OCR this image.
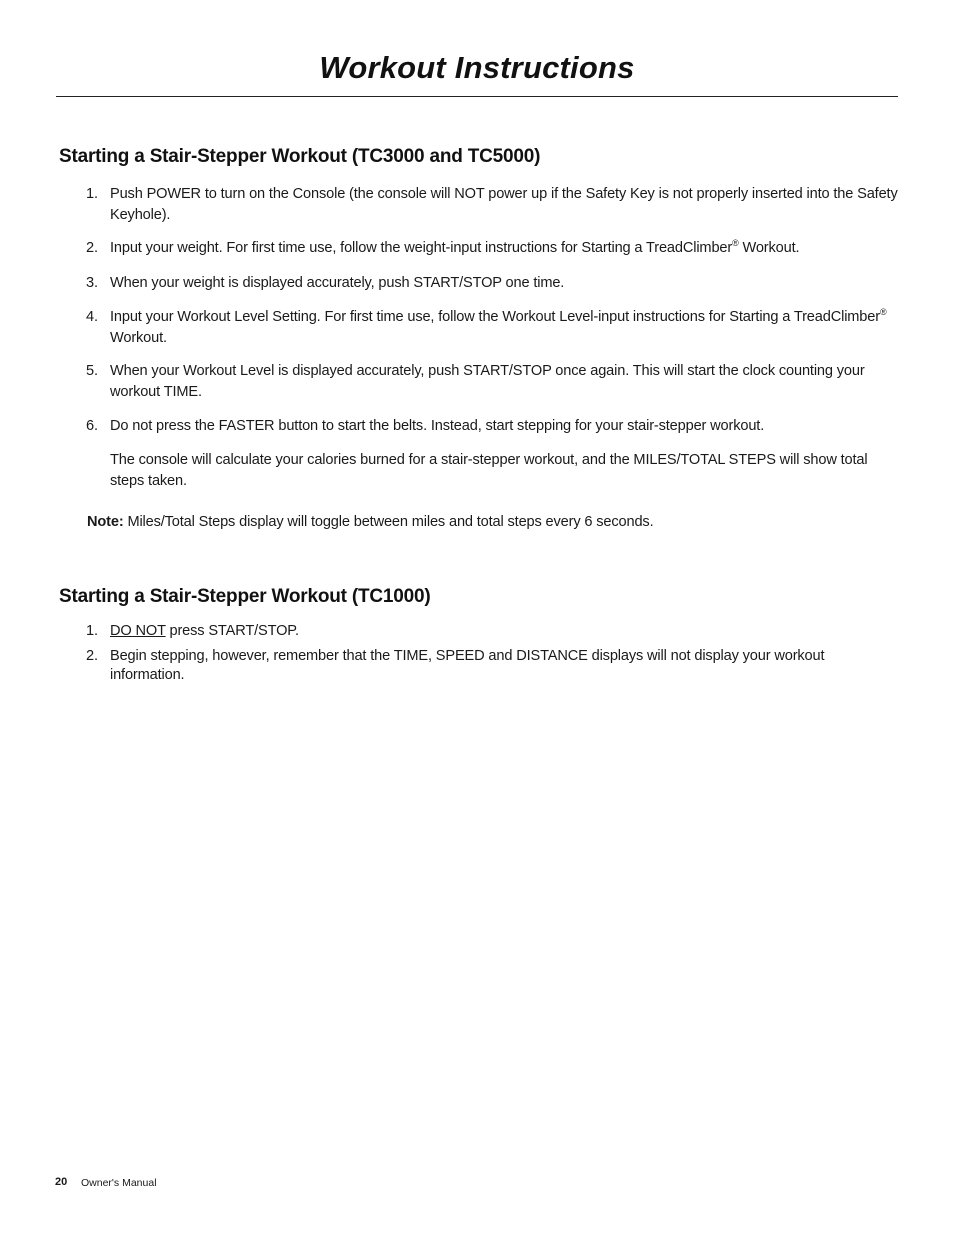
Workout Instructions
Starting a Stair-Stepper Workout (TC3000 and TC5000)
1. Push POWER to turn on the Console (the console will NOT power up if the Safety Key is not properly inserted into the Safety Keyhole).
2. Input your weight. For first time use, follow the weight-input instructions for Starting a TreadClimber® Workout.
3. When your weight is displayed accurately, push START/STOP one time.
4. Input your Workout Level Setting. For first time use, follow the Workout Level-input instructions for Starting a TreadClimber® Workout.
5. When your Workout Level is displayed accurately, push START/STOP once again. This will start the clock counting your workout TIME.
6. Do not press the FASTER button to start the belts. Instead, start stepping for your stair-stepper workout.
The console will calculate your calories burned for a stair-stepper workout, and the MILES/TOTAL STEPS will show total steps taken.
Note: Miles/Total Steps display will toggle between miles and total steps every 6 seconds.
Starting a Stair-Stepper Workout (TC1000)
1. DO NOT press START/STOP.
2. Begin stepping, however, remember that the TIME, SPEED and DISTANCE displays will not display your workout information.
20 Owner's Manual
